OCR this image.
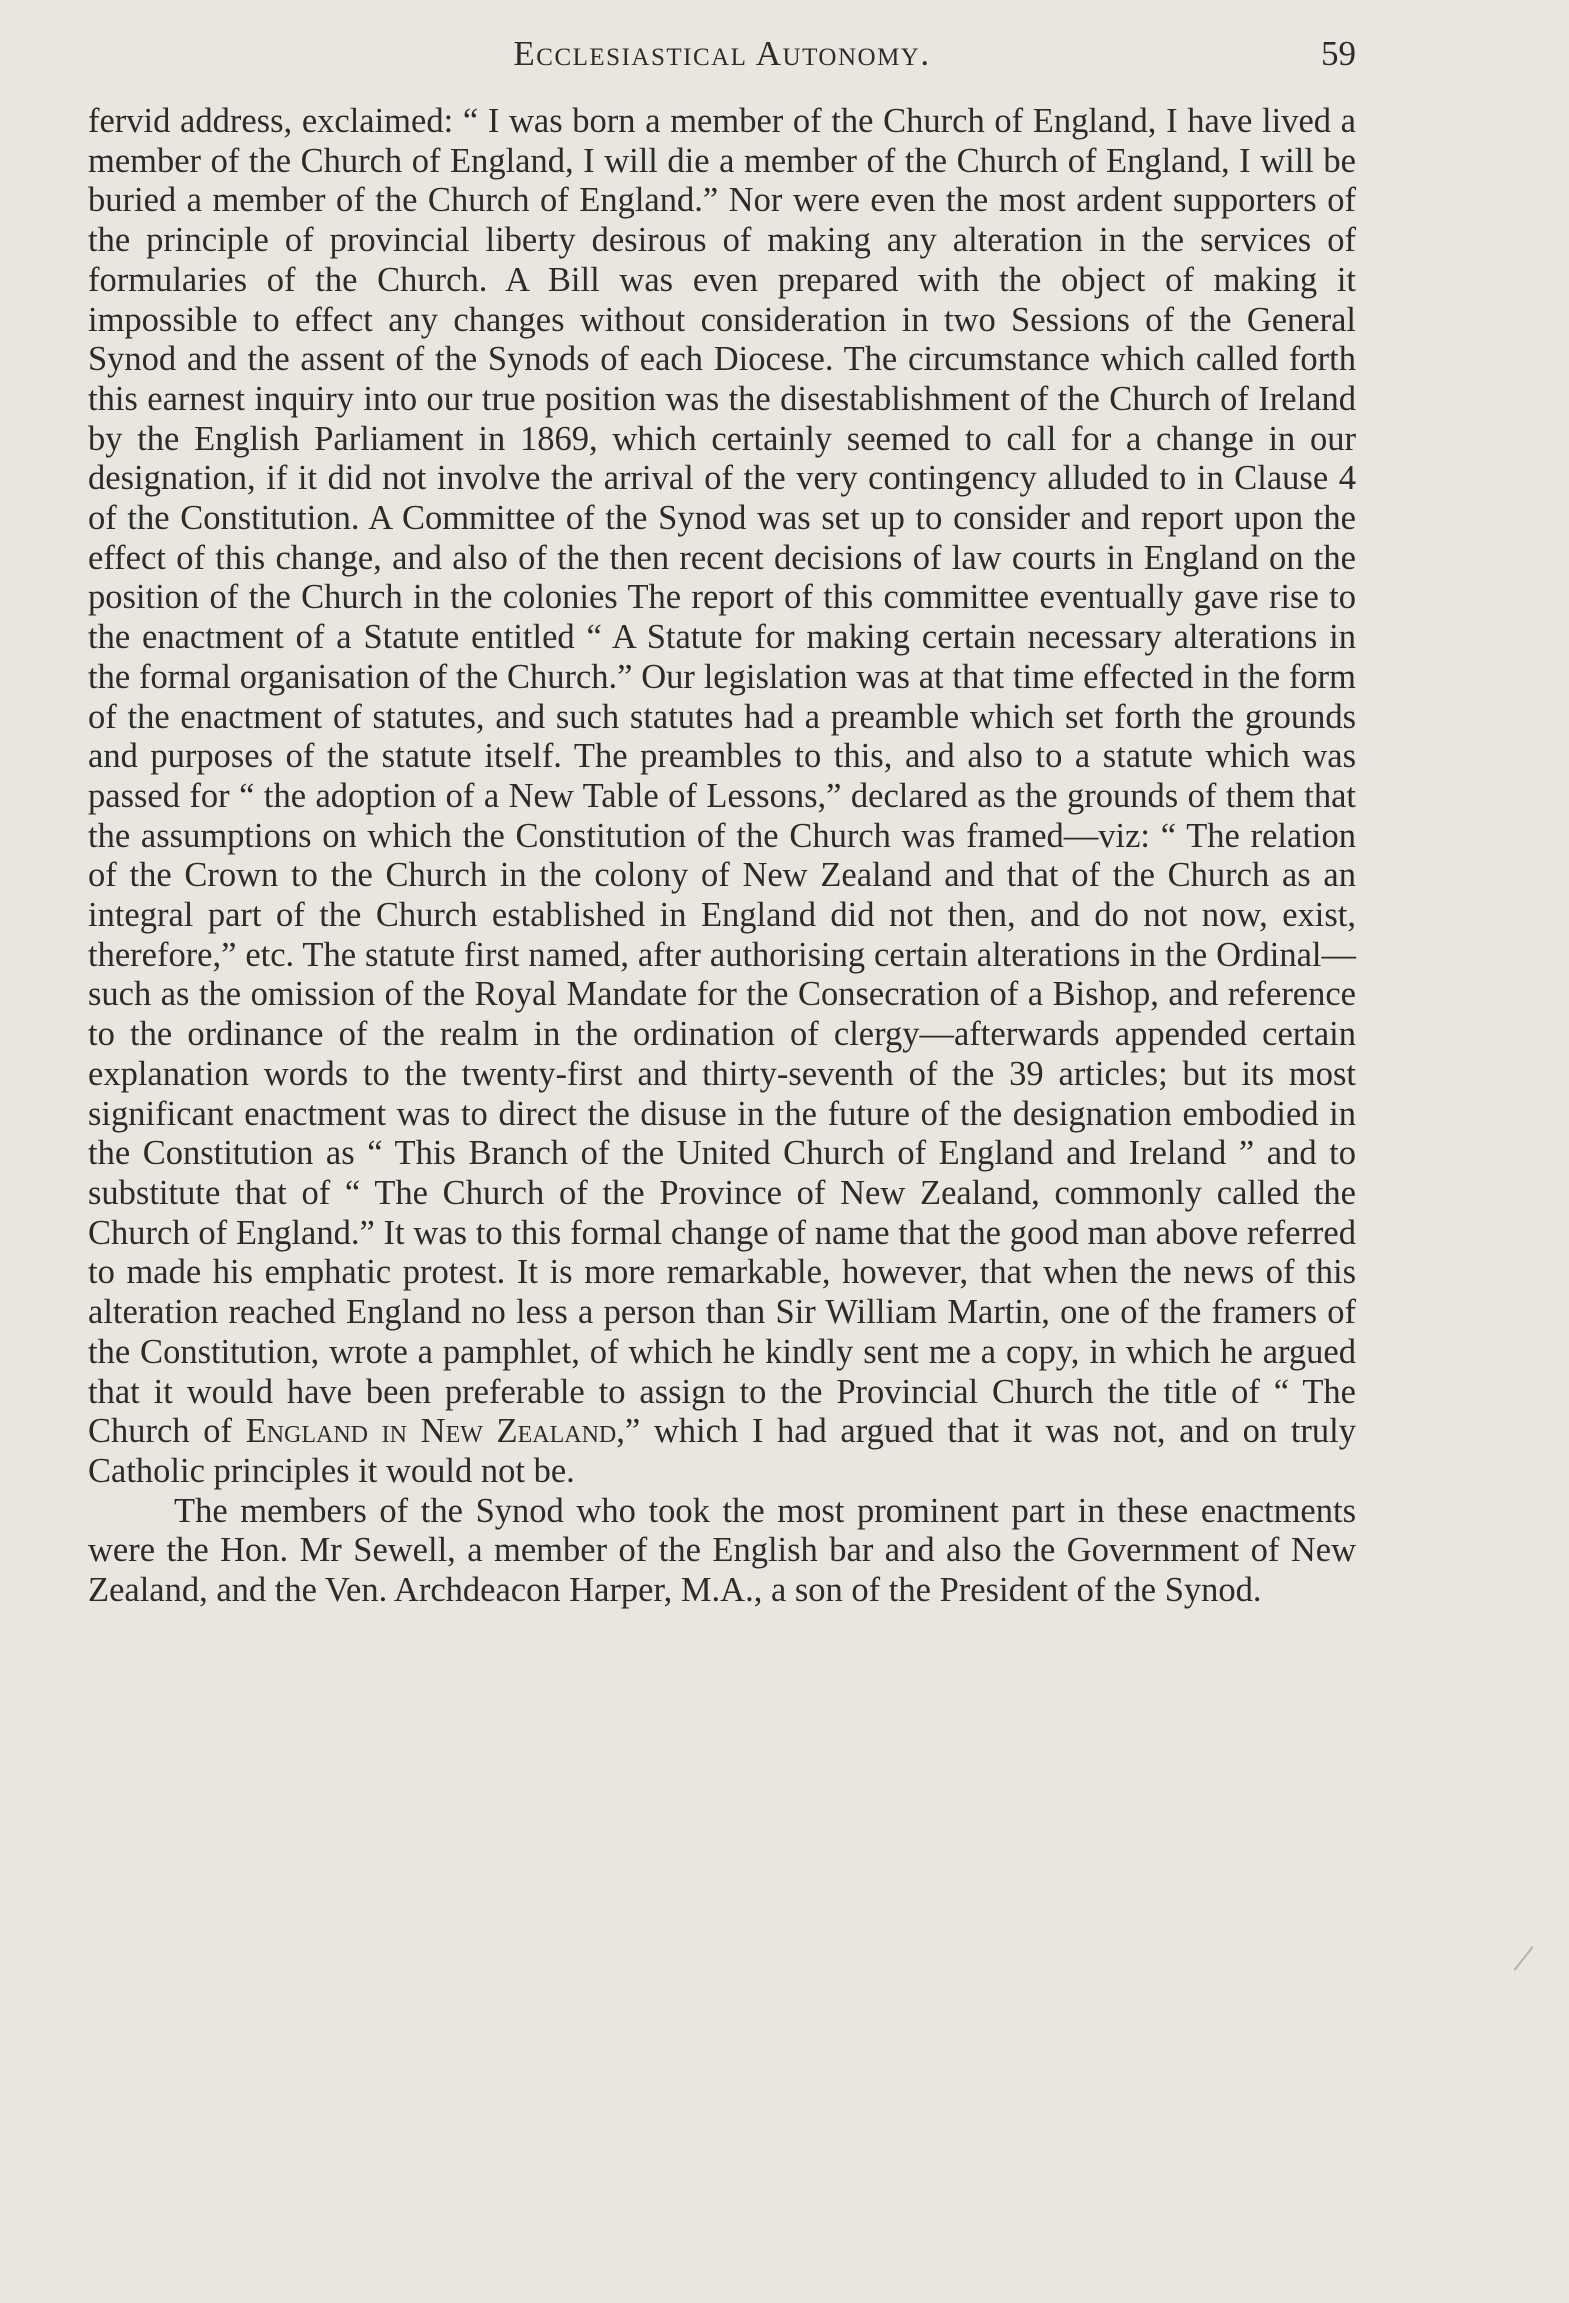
Ecclesiastical Autonomy.	59

fervid address, exclaimed: “ I was born a member of the Church of England, I have lived a member of the Church of England, I will die a member of the Church of England, I will be buried a member of the Church of England.” Nor were even the most ardent supporters of the principle of provincial liberty desirous of making any alteration in the services of formularies of the Church. A Bill was even prepared with the object of making it impossible to effect any changes without consideration in two Sessions of the General Synod and the assent of the Synods of each Diocese. The circumstance which called forth this earnest inquiry into our true position was the disestablishment of the Church of Ireland by the English Parliament in 1869, which certainly seemed to call for a change in our designation, if it did not involve the arrival of the very contingency alluded to in Clause 4 of the Constitution. A Committee of the Synod was set up to consider and report upon the effect of this change, and also of the then recent decisions of law courts in England on the position of the Church in the colonies The report of this committee eventually gave rise to the enactment of a Statute entitled “ A Statute for making certain necessary alterations in the formal organisation of the Church.” Our legislation was at that time effected in the form of the enactment of statutes, and such statutes had a preamble which set forth the grounds and purposes of the statute itself. The preambles to this, and also to a statute which was passed for “ the adoption of a New Table of Lessons,” declared as the grounds of them that the assumptions on which the Constitution of the Church was framed—viz: “ The relation of the Crown to the Church in the colony of New Zealand and that of the Church as an integral part of the Church established in England did not then, and do not now, exist, therefore,” etc. The statute first named, after authorising certain alterations in the Ordinal—such as the omission of the Royal Mandate for the Consecration of a Bishop, and reference to the ordinance of the realm in the ordination of clergy—afterwards appended certain explanation words to the twenty-first and thirty-seventh of the 39 articles; but its most significant enactment was to direct the disuse in the future of the designation embodied in the Constitution as “ This Branch of the United Church of England and Ireland ” and to substitute that of “ The Church of the Province of New Zealand, commonly called the Church of England.” It was to this formal change of name that the good man above referred to made his emphatic protest. It is more remarkable, however, that when the news of this alteration reached England no less a person than Sir William Martin, one of the framers of the Constitution, wrote a pamphlet, of which he kindly sent me a copy, in which he argued that it would have been preferable to assign to the Provincial Church the title of “ The Church of England in New Zealand,” which I had argued that it was not, and on truly Catholic principles it would not be.

The members of the Synod who took the most prominent part in these enactments were the Hon. Mr Sewell, a member of the English bar and also the Government of New Zealand, and the Ven. Archdeacon Harper, M.A., a son of the President of the Synod.
